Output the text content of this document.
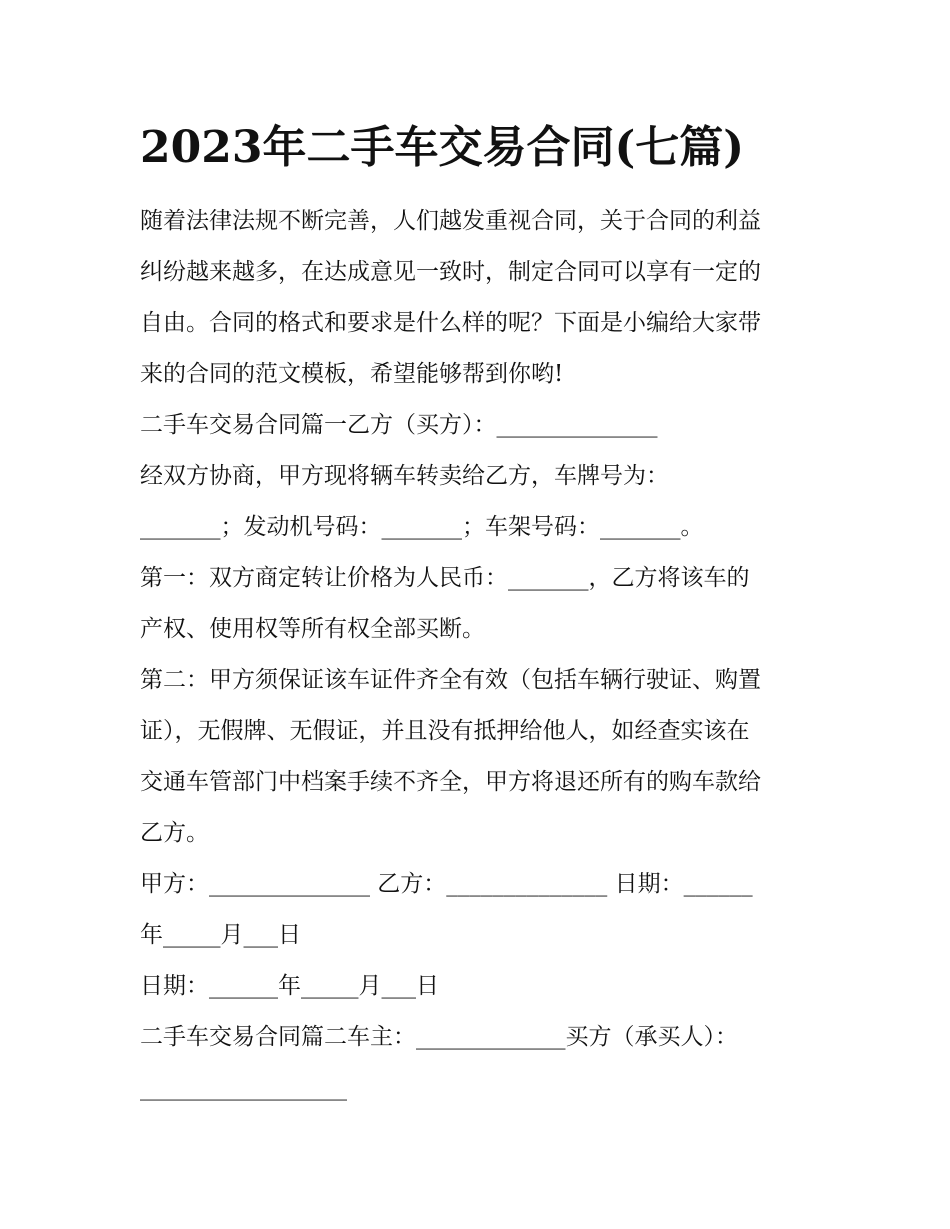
2023年二手车交易合同(七篇)
随着法律法规不断完善，人们越发重视合同，关于合同的利益
纠纷越来越多，在达成意见一致时，制定合同可以享有一定的
自由。合同的格式和要求是什么样的呢？下面是小编给大家带
来的合同的范文模板，希望能够帮到你哟!
二手车交易合同篇一乙方（买方）：______________
经双方协商，甲方现将辆车转卖给乙方，车牌号为：
_______；发动机号码：_______；车架号码：_______。
第一：双方商定转让价格为人民币：_______，乙方将该车的
产权、使用权等所有权全部买断。
第二：甲方须保证该车证件齐全有效（包括车辆行驶证、购置
证），无假牌、无假证，并且没有抵押给他人，如经查实该在
交通车管部门中档案手续不齐全，甲方将退还所有的购车款给
乙方。
甲方：______________ 乙方：______________ 日期：______
年_____月___日
日期：______年_____月___日
二手车交易合同篇二车主：_____________买方（承买人）：
__________________
